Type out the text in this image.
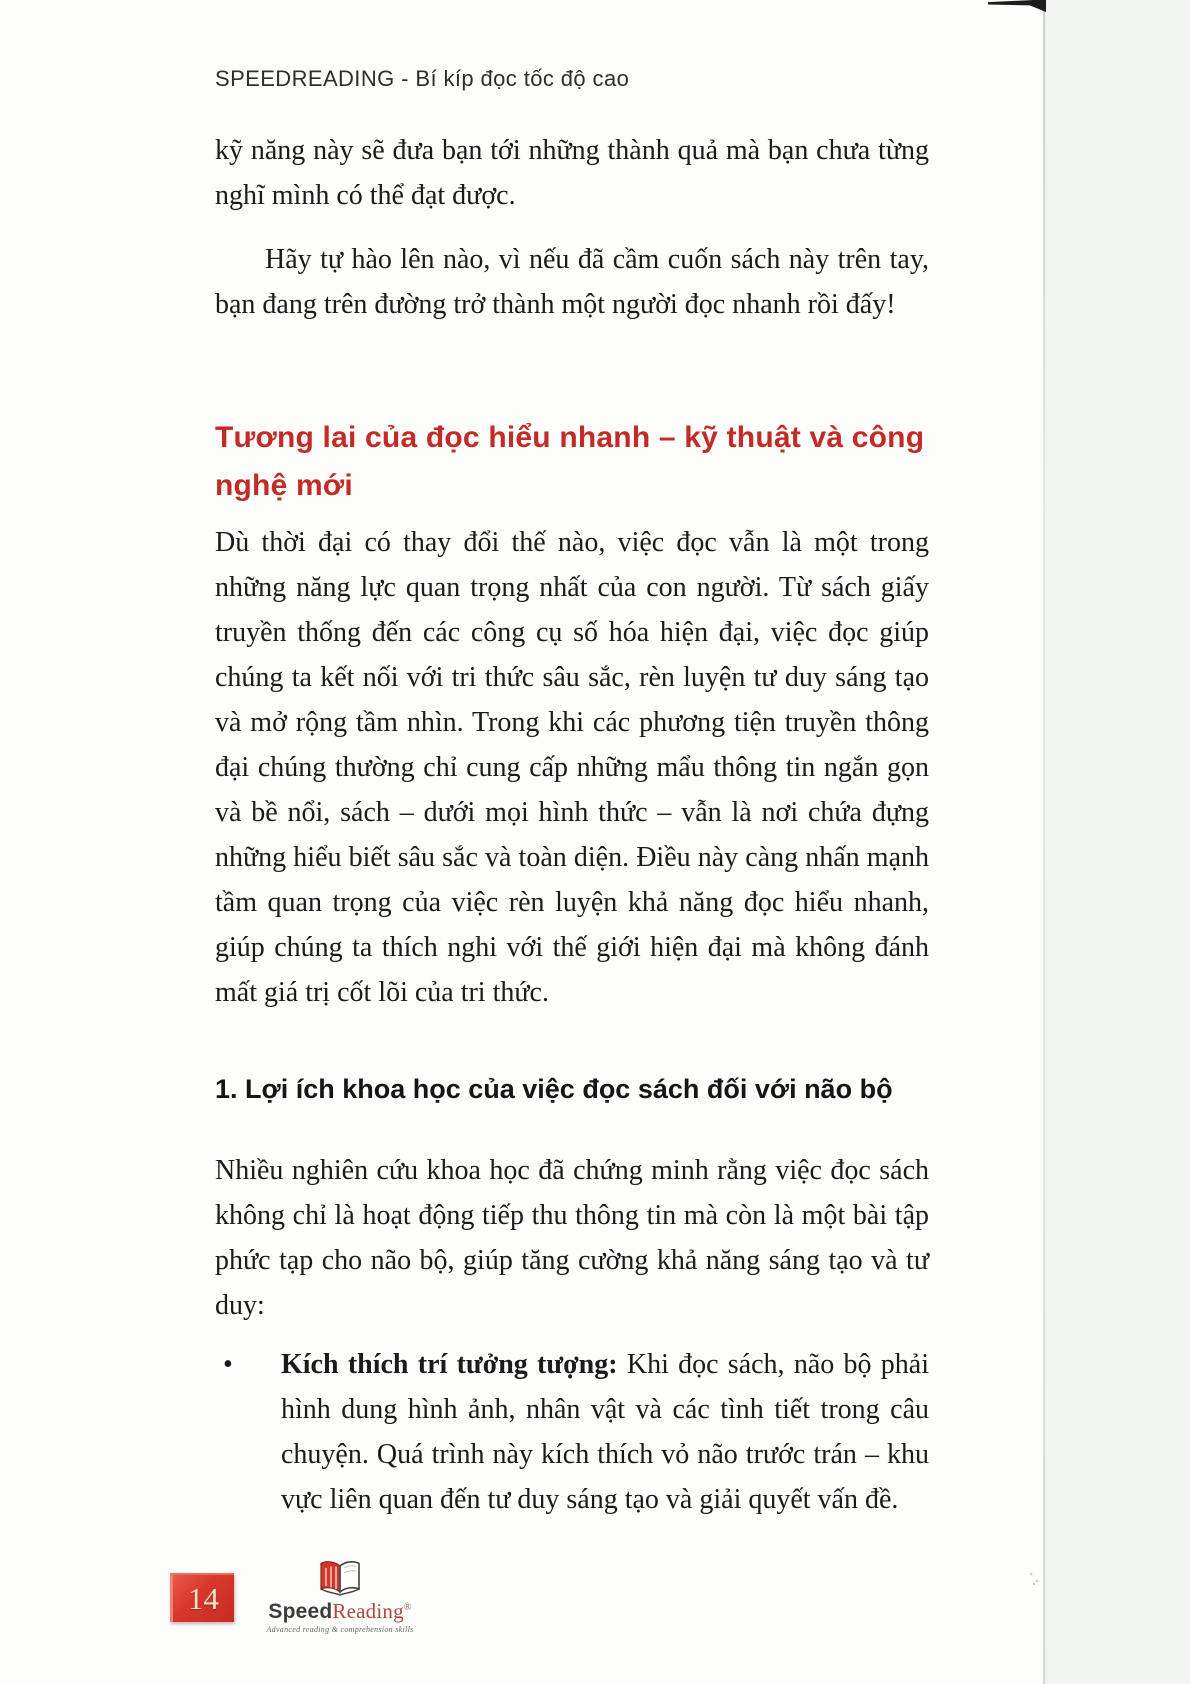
SPEEDREADING - Bí kíp đọc tốc độ cao

kỹ năng này sẽ đưa bạn tới những thành quả mà bạn chưa từng nghĩ mình có thể đạt được.

Hãy tự hào lên nào, vì nếu đã cầm cuốn sách này trên tay, bạn đang trên đường trở thành một người đọc nhanh rồi đấy!

Tương lai của đọc hiểu nhanh – kỹ thuật và công nghệ mới

Dù thời đại có thay đổi thế nào, việc đọc vẫn là một trong những năng lực quan trọng nhất của con người. Từ sách giấy truyền thống đến các công cụ số hóa hiện đại, việc đọc giúp chúng ta kết nối với tri thức sâu sắc, rèn luyện tư duy sáng tạo và mở rộng tầm nhìn. Trong khi các phương tiện truyền thông đại chúng thường chỉ cung cấp những mẩu thông tin ngắn gọn và bề nổi, sách – dưới mọi hình thức – vẫn là nơi chứa đựng những hiểu biết sâu sắc và toàn diện. Điều này càng nhấn mạnh tầm quan trọng của việc rèn luyện khả năng đọc hiểu nhanh, giúp chúng ta thích nghi với thế giới hiện đại mà không đánh mất giá trị cốt lõi của tri thức.

1. Lợi ích khoa học của việc đọc sách đối với não bộ

Nhiều nghiên cứu khoa học đã chứng minh rằng việc đọc sách không chỉ là hoạt động tiếp thu thông tin mà còn là một bài tập phức tạp cho não bộ, giúp tăng cường khả năng sáng tạo và tư duy:

• Kích thích trí tưởng tượng: Khi đọc sách, não bộ phải hình dung hình ảnh, nhân vật và các tình tiết trong câu chuyện. Quá trình này kích thích vỏ não trước trán – khu vực liên quan đến tư duy sáng tạo và giải quyết vấn đề.
14	SpeedReading®
Advanced reading & comprehension skills
